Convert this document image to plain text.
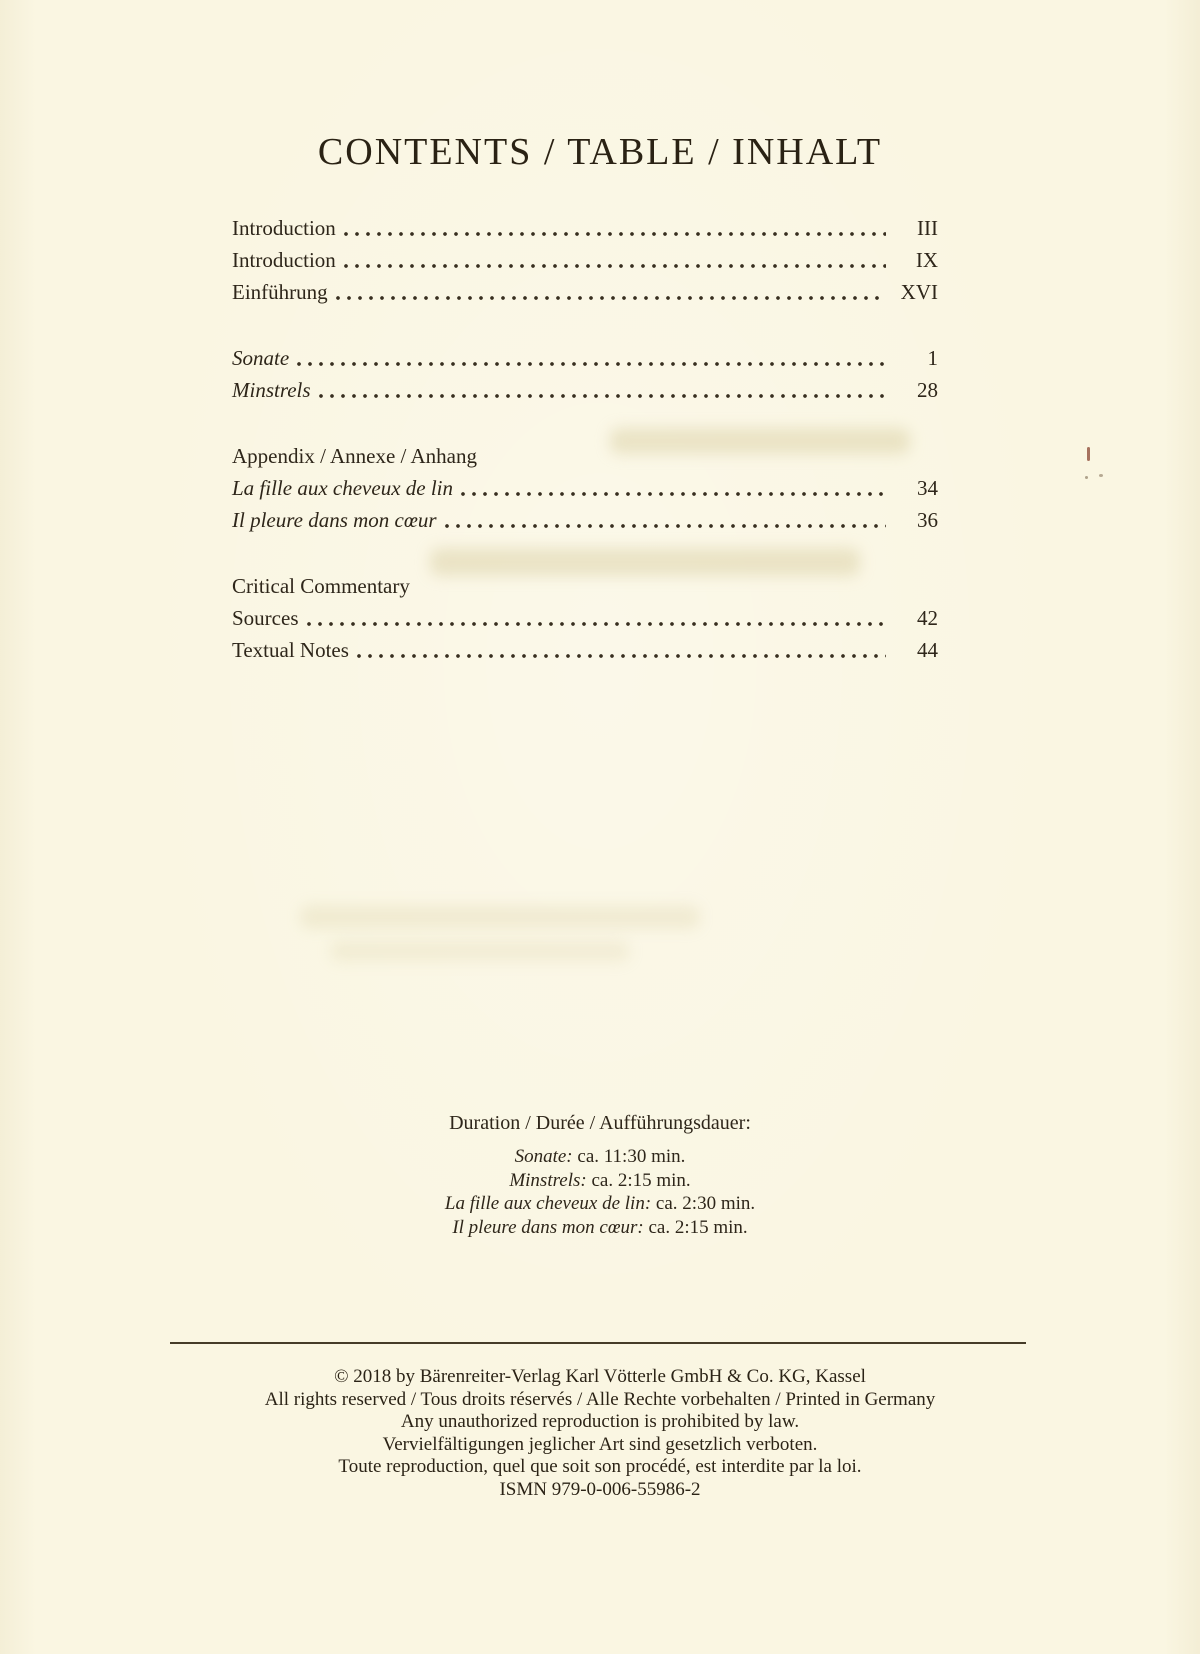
CONTENTS / TABLE / INHALT
Introduction	III
Introduction	IX
Einführung	XVI
Sonate	1
Minstrels	28
Appendix / Annexe / Anhang
La fille aux cheveux de lin	34
Il pleure dans mon cœur	36
Critical Commentary
Sources	42
Textual Notes	44
Duration / Durée / Aufführungsdauer:
Sonate: ca. 11:30 min.
Minstrels: ca. 2:15 min.
La fille aux cheveux de lin: ca. 2:30 min.
Il pleure dans mon cœur: ca. 2:15 min.
© 2018 by Bärenreiter-Verlag Karl Vötterle GmbH & Co. KG, Kassel
All rights reserved / Tous droits réservés / Alle Rechte vorbehalten / Printed in Germany
Any unauthorized reproduction is prohibited by law.
Vervielfältigungen jeglicher Art sind gesetzlich verboten.
Toute reproduction, quel que soit son procédé, est interdite par la loi.
ISMN 979-0-006-55986-2
